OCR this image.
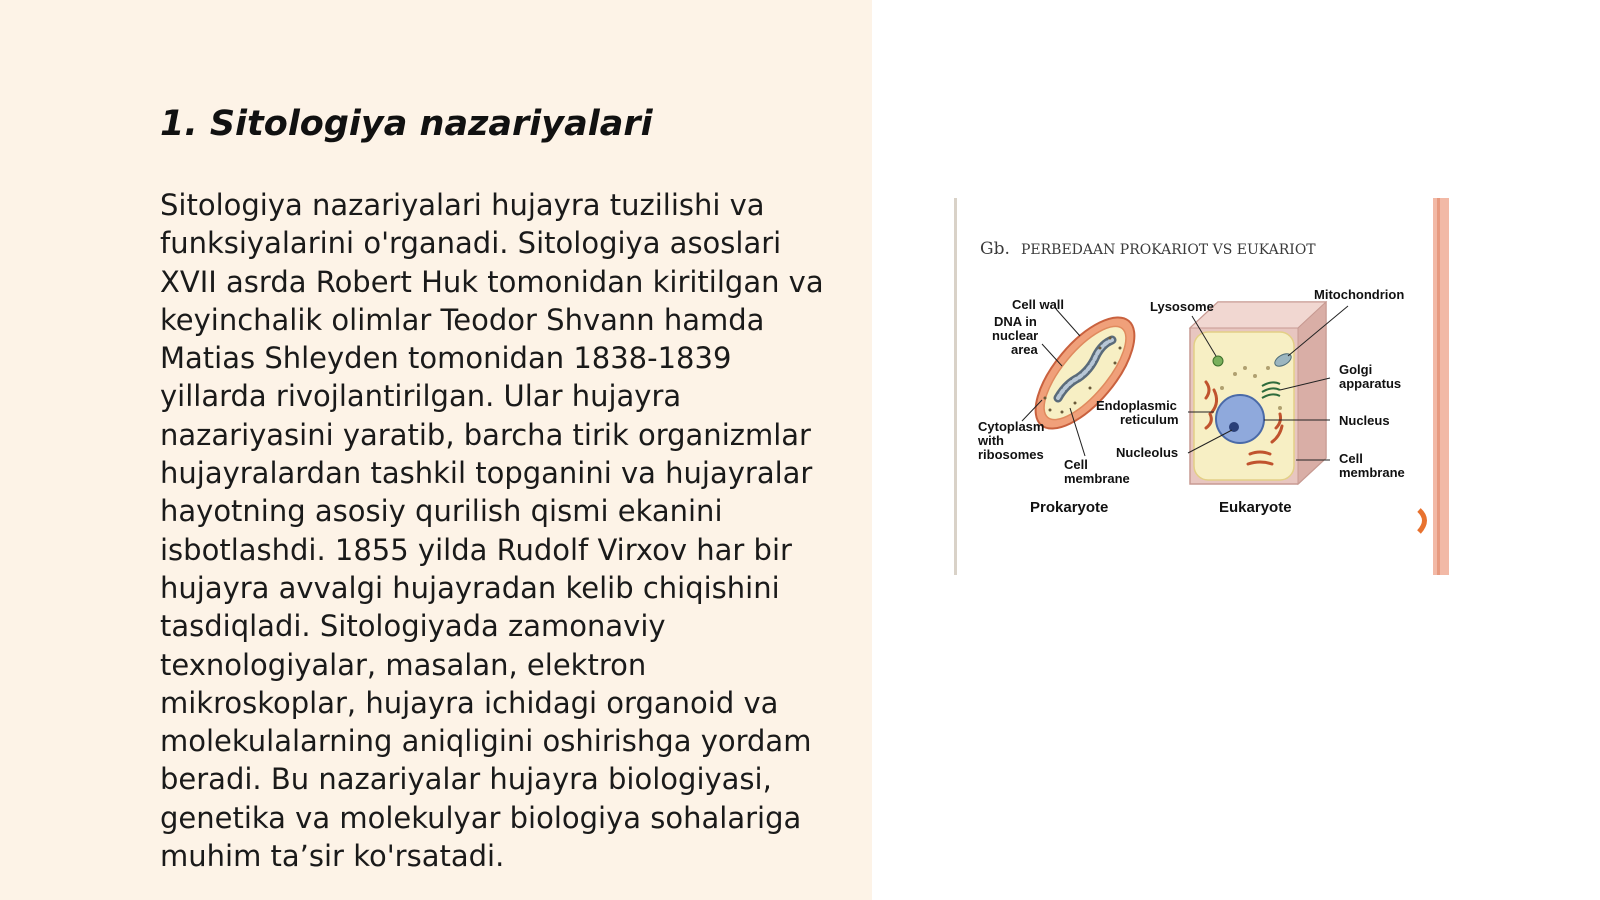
1. Sitologiya nazariyalari

Sitologiya nazariyalari hujayra tuzilishi va funksiyalarini o'rganadi. Sitologiya asoslari XVII asrda Robert Huk tomonidan kiritilgan va keyinchalik olimlar Teodor Shvann hamda Matias Shleyden tomonidan 1838-1839 yillarda rivojlantirilgan. Ular hujayra nazariyasini yaratib, barcha tirik organizmlar hujayralardan tashkil topganini va hujayralar hayotning asosiy qurilish qismi ekanini isbotlashdi. 1855 yilda Rudolf Virxov har bir hujayra avvalgi hujayradan kelib chiqishini tasdiqladi. Sitologiyada zamonaviy texnologiyalar, masalan, elektron mikroskoplar, hujayra ichidagi organoid va molekulalarning aniqligini oshirishga yordam beradi. Bu nazariyalar hujayra biologiyasi, genetika va molekulyar biologiya sohalariga muhim ta’sir ko'rsatadi.

Gb. PERBEDAAN PROKARIOT VS EUKARIOT
Cell wall
DNA in
nuclear
area
Cytoplasm
with
ribosomes
Cell
membrane
Prokaryote
Lysosome
Mitochondrion
Golgi
apparatus
Endoplasmic
reticulum	Nucleus
Nucleolus	Cell
membrane
Eukaryote
